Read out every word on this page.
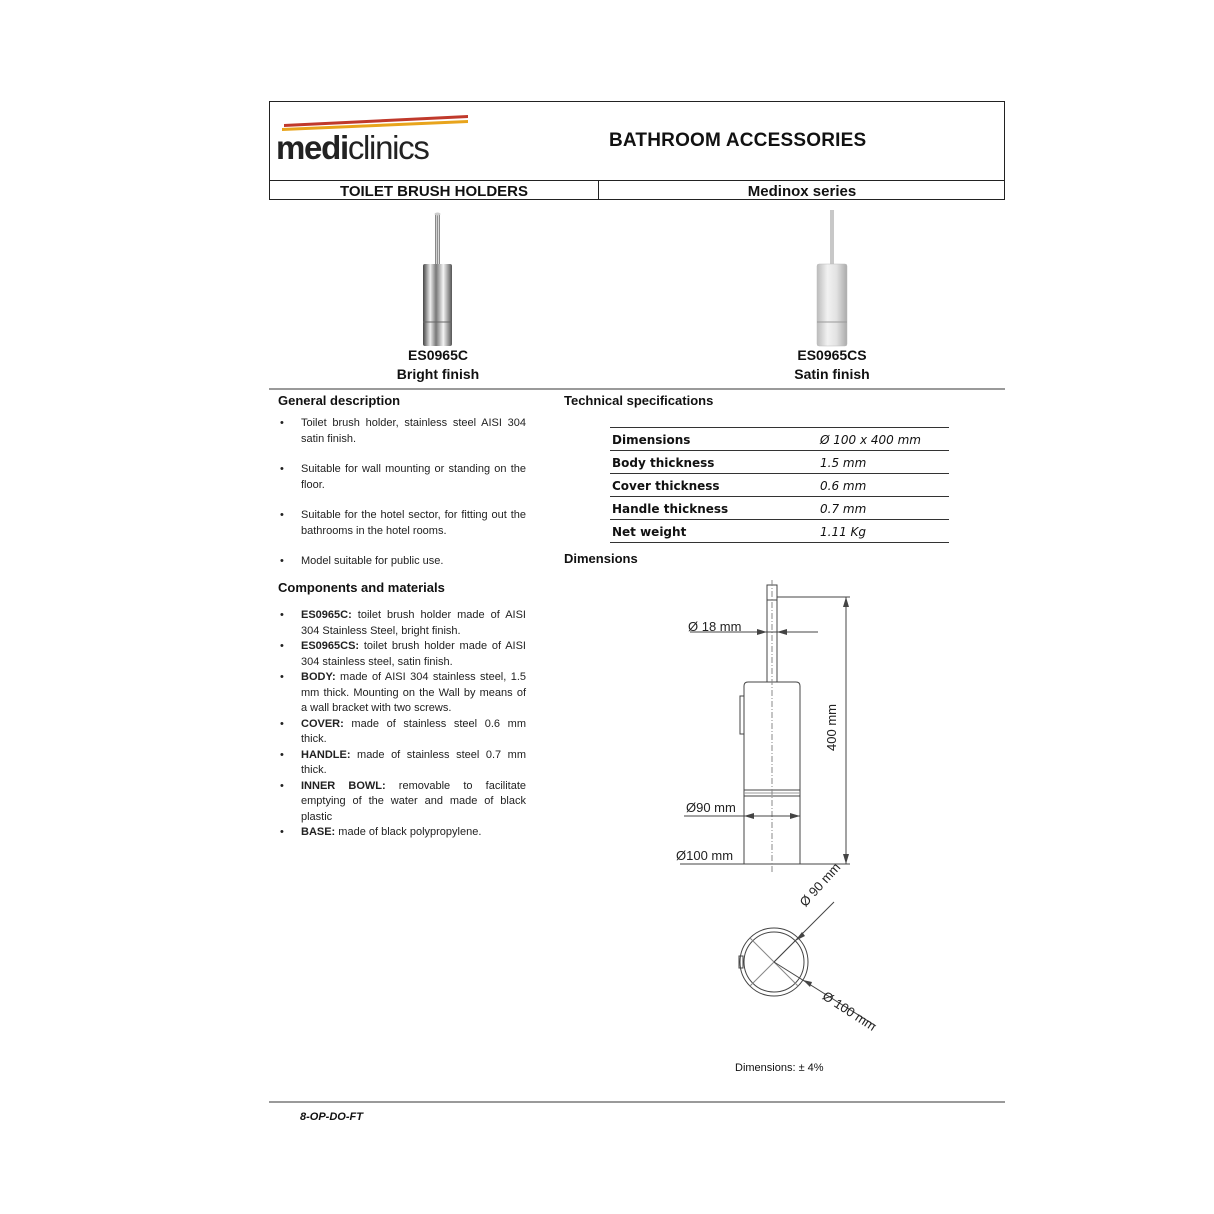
mediclinics	BATHROOM ACCESSORIES
TOILET BRUSH HOLDERS	Medinox series
ES0965C
Bright finish
ES0965CS
Satin finish
General description
• Toilet brush holder, stainless steel AISI 304 satin finish.
• Suitable for wall mounting or standing on the floor.
• Suitable for the hotel sector, for fitting out the bathrooms in the hotel rooms.
• Model suitable for public use.
Components and materials
• ES0965C: toilet brush holder made of AISI 304 Stainless Steel, bright finish.
• ES0965CS: toilet brush holder made of AISI 304 stainless steel, satin finish.
• BODY: made of AISI 304 stainless steel, 1.5 mm thick. Mounting on the Wall by means of a wall bracket with two screws.
• COVER: made of stainless steel 0.6 mm thick.
• HANDLE: made of stainless steel 0.7 mm thick.
• INNER BOWL: removable to facilitate emptying of the water and made of black plastic
• BASE: made of black polypropylene.
Technical specifications
Dimensions	Ø 100 x 400 mm
Body thickness	1.5 mm
Cover thickness	0.6 mm
Handle thickness	0.7 mm
Net weight	1.11 Kg
Dimensions
Ø 18 mm
Ø90 mm
Ø100 mm
400 mm
Ø 90 mm
Ø 100 mm
Dimensions: ± 4%
8-OP-DO-FT
